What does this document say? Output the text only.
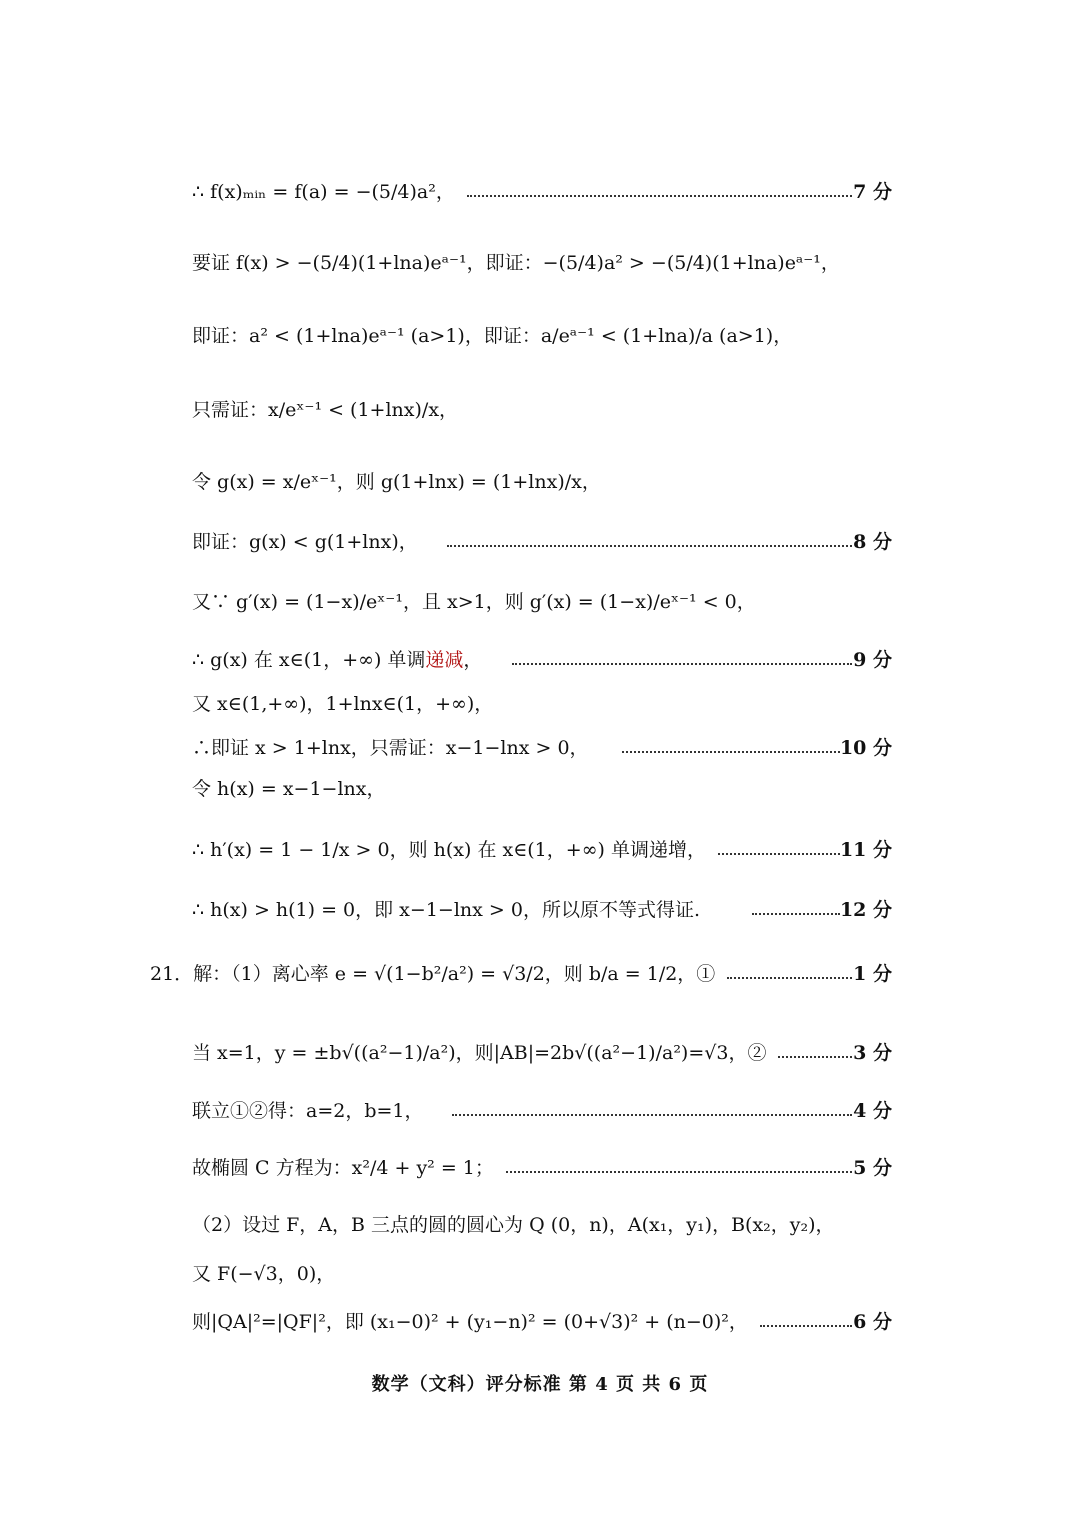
∴ f(x)ₘᵢₙ = f(a) = −(5/4)a²，	7 分
要证 f(x) > −(5/4)(1+lna)eᵃ⁻¹，即证：−(5/4)a² > −(5/4)(1+lna)eᵃ⁻¹，
即证：a² < (1+lna)eᵃ⁻¹ (a>1)，即证：a/eᵃ⁻¹ < (1+lna)/a (a>1)，
只需证：x/eˣ⁻¹ < (1+lnx)/x，
令 g(x) = x/eˣ⁻¹，则 g(1+lnx) = (1+lnx)/x，
即证：g(x) < g(1+lnx)，	8 分
又∵ g′(x) = (1−x)/eˣ⁻¹，且 x>1，则 g′(x) = (1−x)/eˣ⁻¹ < 0，
∴ g(x) 在 x∈(1，+∞) 单调递减，	9 分
又 x∈(1,+∞)，1+lnx∈(1，+∞)，
∴即证 x > 1+lnx，只需证：x−1−lnx > 0，	10 分
令 h(x) = x−1−lnx，
∴ h′(x) = 1 − 1/x > 0，则 h(x) 在 x∈(1，+∞) 单调递增，	11 分
∴ h(x) > h(1) = 0，即 x−1−lnx > 0，所以原不等式得证.	12 分
21．解：（1）离心率 e = √(1−b²/a²) = √3/2，则 b/a = 1/2，①	1 分
当 x=1，y = ±b√((a²−1)/a²)，则|AB|=2b√((a²−1)/a²)=√3，②	3 分
联立①②得：a=2，b=1，	4 分
故椭圆 C 方程为：x²/4 + y² = 1；	5 分
（2）设过 F，A，B 三点的圆的圆心为 Q (0，n)，A(x₁，y₁)，B(x₂，y₂)，
又 F(−√3，0)，
则|QA|²=|QF|²，即 (x₁−0)² + (y₁−n)² = (0+√3)² + (n−0)²，	6 分
数学（文科）评分标准 第 4 页 共 6 页
